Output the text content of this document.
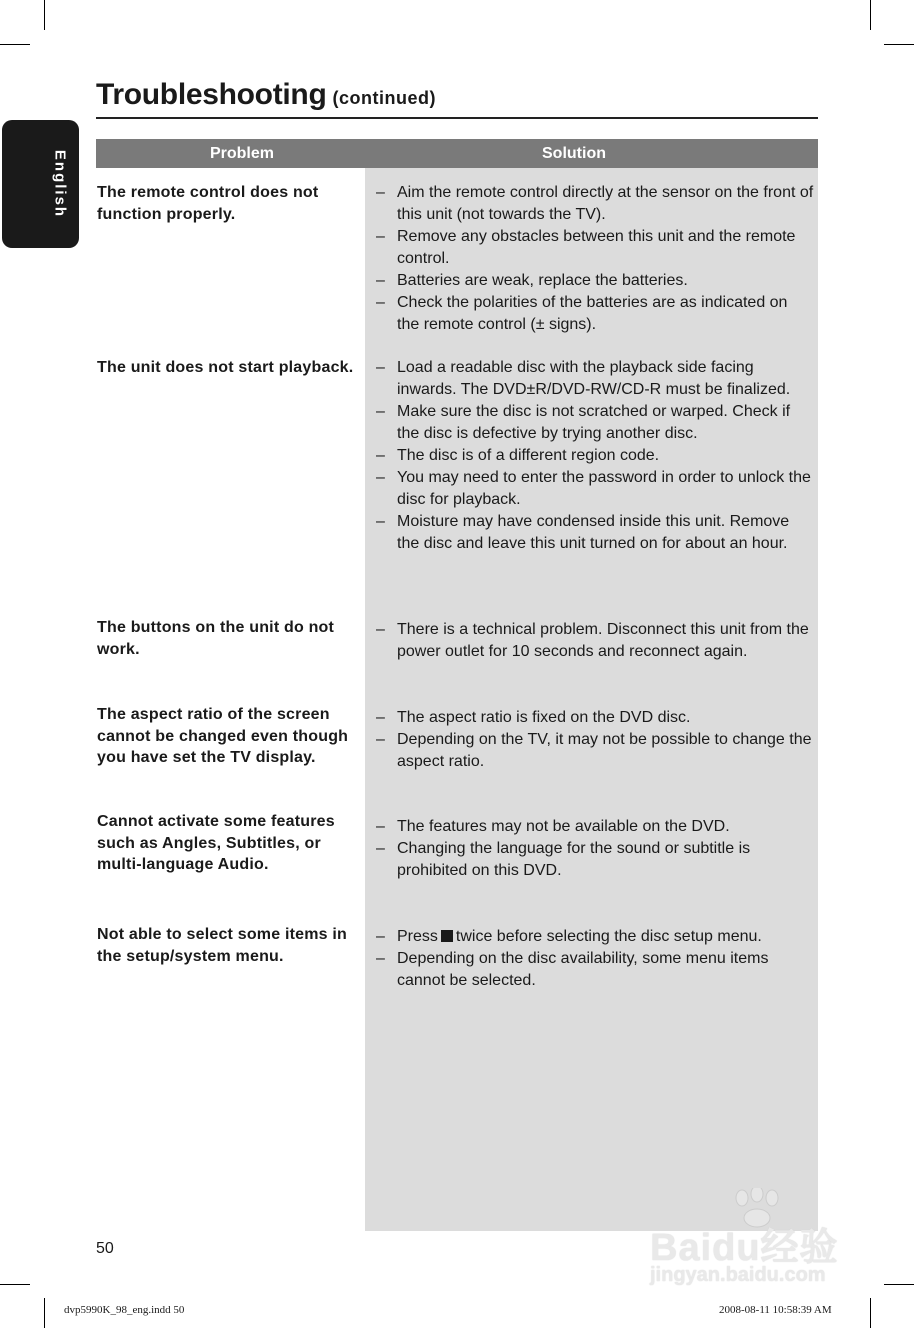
English
Troubleshooting (continued)
Problem	Solution
The remote control does not function properly.
– Aim the remote control directly at the sensor on the front of this unit (not towards the TV).
– Remove any obstacles between this unit and the remote control.
– Batteries are weak, replace the batteries.
– Check the polarities of the batteries are as indicated on the remote control (± signs).
The unit does not start playback.
–	Load a readable disc with the playback side facing inwards. The DVD±R/DVD-RW/CD-R must be finalized.
– Make sure the disc is not scratched or warped. Check if the disc is defective by trying another disc.
– The disc is of a different region code.
– You may need to enter the password in order to unlock the disc for playback.
– Moisture may have condensed inside this unit. Remove the disc and leave this unit turned on for about an hour.
The buttons on the unit do not work.
– There is a technical problem. Disconnect this unit from the power outlet for 10 seconds and reconnect again.
The aspect ratio of the screen cannot be changed even though you have set the TV display.
– The aspect ratio is fixed on the DVD disc.
– Depending on the TV, it may not be possible to change the aspect ratio.
Cannot activate some features such as Angles, Subtitles, or multi-language Audio.
– The features may not be available on the DVD.
– Changing the language for the sound or subtitle is prohibited on this DVD.
Not able to select some items in the setup/system menu.
– Press twice before selecting the disc setup menu.
– Depending on the disc availability, some menu items cannot be selected.
50
dvp5990K_98_eng.indd 50	2008-08-11 10:58:39 AM
Baidu经验
jingyan.baidu.com
